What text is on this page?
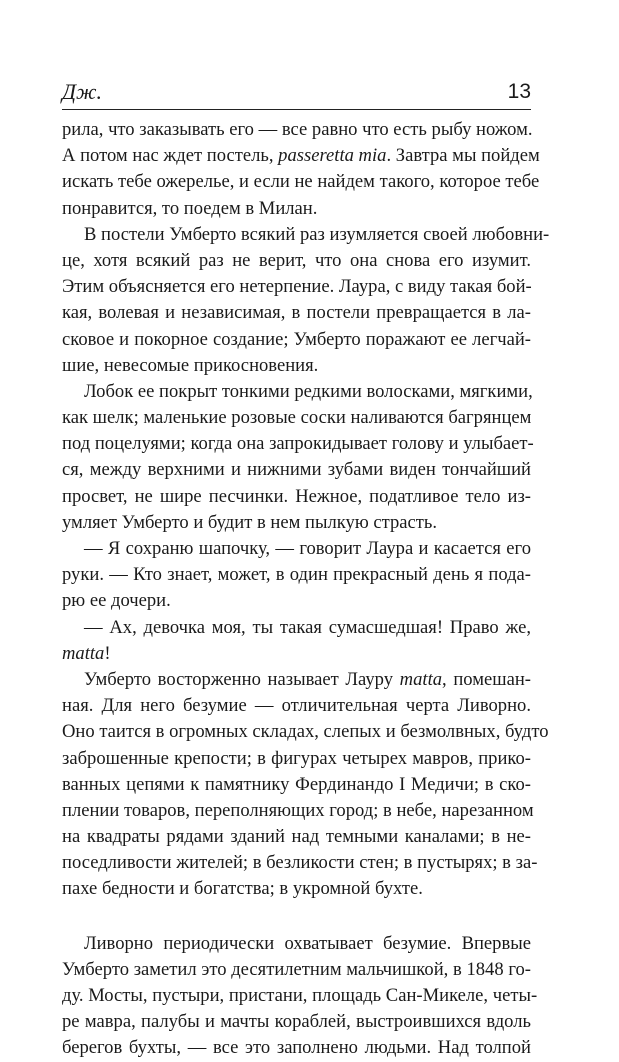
Дж.	13

рила, что заказывать его — все равно что есть рыбу ножом.
А потом нас ждет постель, passeretta mia. Завтра мы пойдем
искать тебе ожерелье, и если не найдем такого, которое тебе
понравится, то поедем в Милан.

В постели Умберто всякий раз изумляется своей любовни-
це, хотя всякий раз не верит, что она снова его изумит.
Этим объясняется его нетерпение. Лаура, с виду такая бой-
кая, волевая и независимая, в постели превращается в ла-
сковое и покорное создание; Умберто поражают ее легчай-
шие, невесомые прикосновения.

Лобок ее покрыт тонкими редкими волосками, мягкими,
как шелк; маленькие розовые соски наливаются багрянцем
под поцелуями; когда она запрокидывает голову и улыбает-
ся, между верхними и нижними зубами виден тончайший
просвет, не шире песчинки. Нежное, податливое тело из-
умляет Умберто и будит в нем пылкую страсть.

— Я сохраню шапочку, — говорит Лаура и касается его
руки. — Кто знает, может, в один прекрасный день я пода-
рю ее дочери.

— Ах, девочка моя, ты такая сумасшедшая! Право же,
matta!

Умберто восторженно называет Лауру matta, помешан-
ная. Для него безумие — отличительная черта Ливорно.
Оно таится в огромных складах, слепых и безмолвных, будто
заброшенные крепости; в фигурах четырех мавров, прико-
ванных цепями к памятнику Фердинандо I Медичи; в ско-
плении товаров, переполняющих город; в небе, нарезанном
на квадраты рядами зданий над темными каналами; в не-
поседливости жителей; в безликости стен; в пустырях; в за-
пахе бедности и богатства; в укромной бухте.

Ливорно периодически охватывает безумие. Впервые
Умберто заметил это десятилетним мальчишкой, в 1848 го-
ду. Мосты, пустыри, пристани, площадь Сан-Микеле, четы-
ре мавра, палубы и мачты кораблей, выстроившихся вдоль
берегов бухты, — все это заполнено людьми. Над толпой
